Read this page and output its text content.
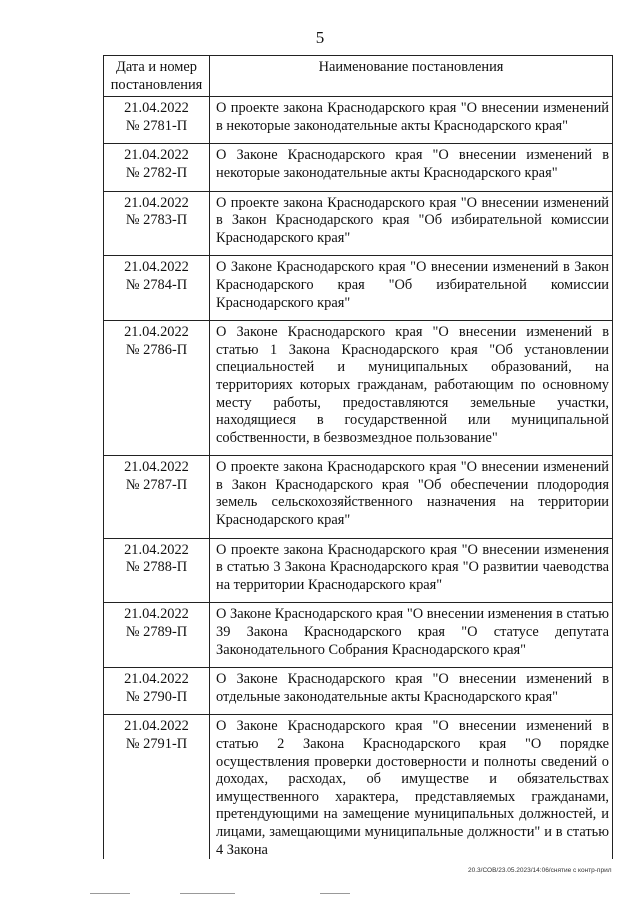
5
Дата и номер постановления	Наименование постановления

21.04.2022
№ 2781-П	О проекте закона Краснодарского края "О внесении изменений в некоторые законодательные акты Краснодарского края"

21.04.2022
№ 2782-П	О Законе Краснодарского края "О внесении изменений в некоторые законодательные акты Краснодарского края"

21.04.2022
№ 2783-П	О проекте закона Краснодарского края "О внесении изменений в Закон Краснодарского края "Об избирательной комиссии Краснодарского края"

21.04.2022
№ 2784-П	О Законе Краснодарского края "О внесении изменений в Закон Краснодарского края "Об избирательной комиссии Краснодарского края"

21.04.2022
№ 2786-П	О Законе Краснодарского края "О внесении изменений в статью 1 Закона Краснодарского края "Об установлении специальностей и муниципальных образований, на территориях которых гражданам, работающим по основному месту работы, предоставляются земельные участки, находящиеся в государственной или муниципальной собственности, в безвозмездное пользование"

21.04.2022
№ 2787-П	О проекте закона Краснодарского края "О внесении изменений в Закон Краснодарского края "Об обеспечении плодородия земель сельскохозяйственного назначения на территории Краснодарского края"

21.04.2022
№ 2788-П	О проекте закона Краснодарского края "О внесении изменения в статью 3 Закона Краснодарского края "О развитии чаеводства на территории Краснодарского края"

21.04.2022
№ 2789-П	О Законе Краснодарского края "О внесении изменения в статью 39 Закона Краснодарского края "О статусе депутата Законодательного Собрания Краснодарского края"

21.04.2022
№ 2790-П	О Законе Краснодарского края "О внесении изменений в отдельные законодательные акты Краснодарского края"

21.04.2022
№ 2791-П	О Законе Краснодарского края "О внесении изменений в статью 2 Закона Краснодарского края "О порядке осуществления проверки достоверности и полноты сведений о доходах, расходах, об имуществе и обязательствах имущественного характера, представляемых гражданами, претендующими на замещение муниципальных должностей, и лицами, замещающими муниципальные должности" и в статью 4 Закона
20.3/СОВ/23.05.2023/14:06/снятие с контр-прил
